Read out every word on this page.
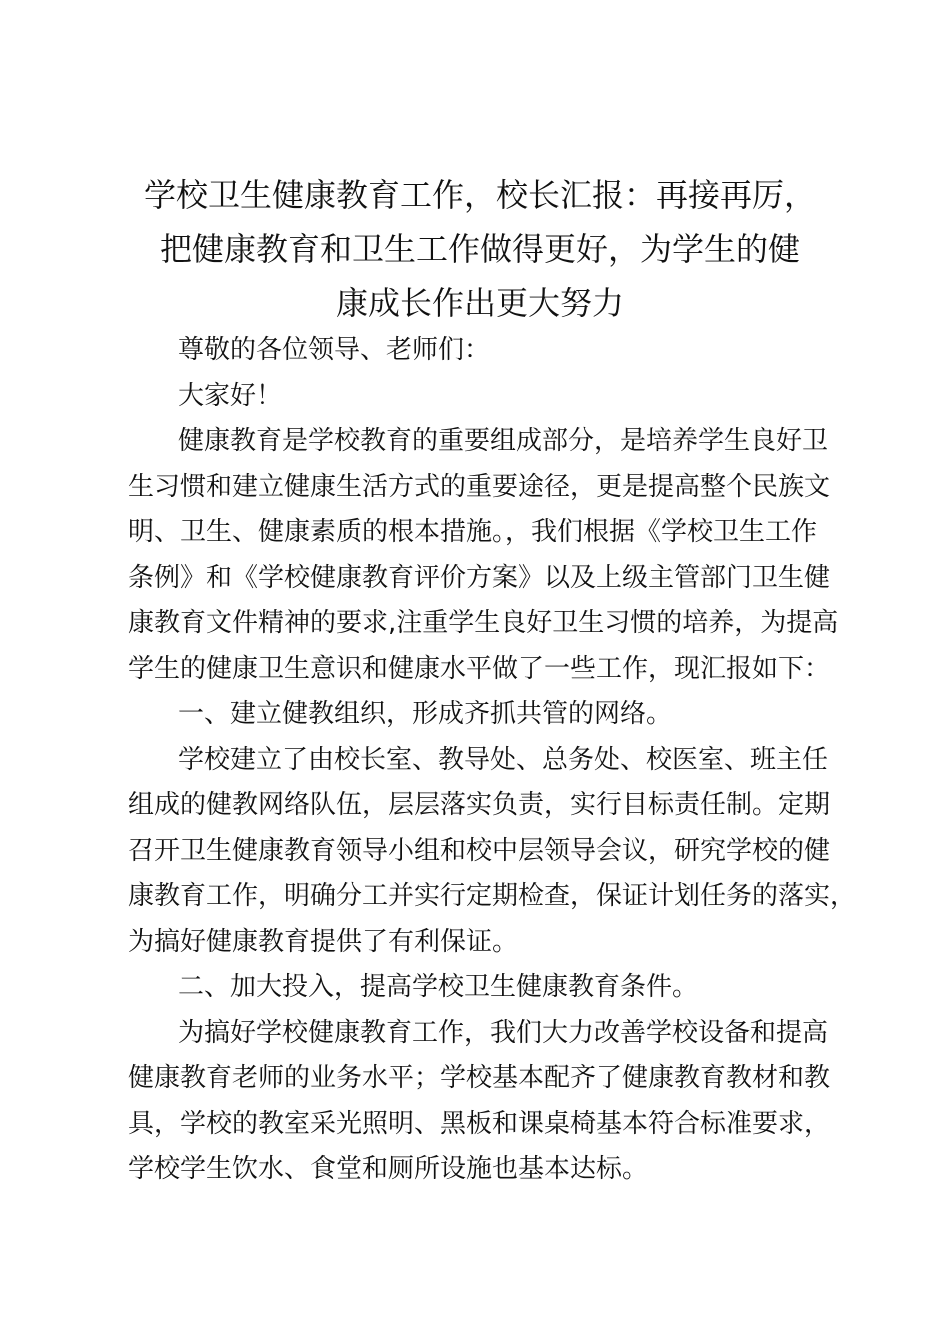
学校卫生健康教育工作，校长汇报：再接再厉，
把健康教育和卫生工作做得更好，为学生的健
康成长作出更大努力
尊敬的各位领导、老师们：
大家好！
健康教育是学校教育的重要组成部分，是培养学生良好卫
生习惯和建立健康生活方式的重要途径，更是提高整个民族文
明、卫生、健康素质的根本措施。，我们根据《学校卫生工作
条例》和《学校健康教育评价方案》以及上级主管部门卫生健
康教育文件精神的要求,注重学生良好卫生习惯的培养，为提高
学生的健康卫生意识和健康水平做了一些工作，现汇报如下：
一、建立健教组织，形成齐抓共管的网络。
学校建立了由校长室、教导处、总务处、校医室、班主任
组成的健教网络队伍，层层落实负责，实行目标责任制。定期
召开卫生健康教育领导小组和校中层领导会议，研究学校的健
康教育工作，明确分工并实行定期检查，保证计划任务的落实，
为搞好健康教育提供了有利保证。
二、加大投入，提高学校卫生健康教育条件。
为搞好学校健康教育工作，我们大力改善学校设备和提高
健康教育老师的业务水平；学校基本配齐了健康教育教材和教
具，学校的教室采光照明、黑板和课桌椅基本符合标准要求，
学校学生饮水、食堂和厕所设施也基本达标。
